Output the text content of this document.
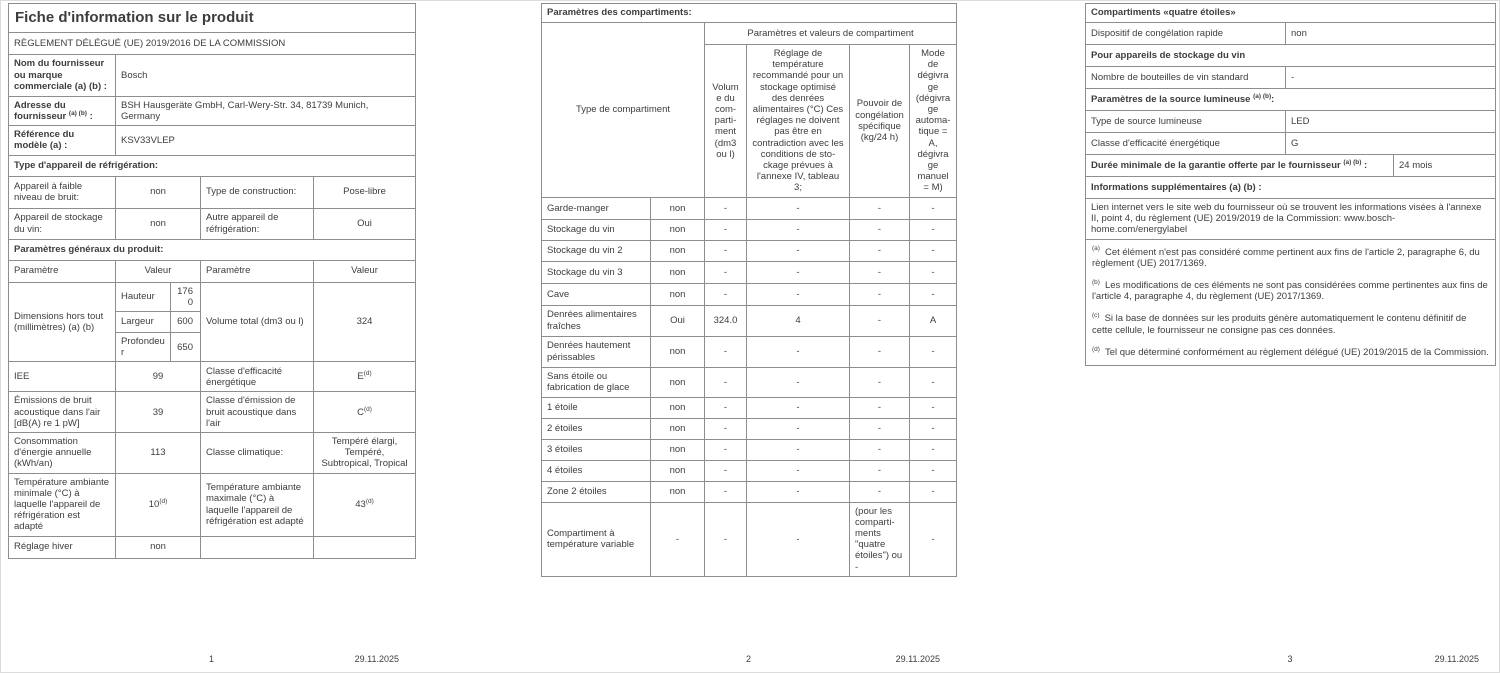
Fiche d'information sur le produit				
RÈGLEMENT DÉLÉGUÉ (UE) 2019/2016 DE LA COMMISSION				
Nom du fournisseur ou marque commerciale (a) (b) :	Bosch			
Adresse du fournisseur $^{(a) (b)}$ :	BSH Hausgeräte GmbH, Carl-Wery-Str. 34, 81739 Munich, Germany			
Référence du modèle (a) :	KSV33VLEP			
Type d'appareil de réfrigération:				
Appareil à faible niveau de bruit:	non		Type de construction:	Pose-libre
Appareil de stockage du vin:	non		Autre appareil de réfrigération:	Oui
Paramètres généraux du produit:				
Paramètre	Valeur		Paramètre	Valeur
Dimensions hors tout (millimètres) (a) (b)	Hauteur	1760	Volume total (dm3 ou l)	324
	Largeur	600		
	Profondeur	650		
IEE	99		Classe d'efficacité énergétique	$E^{(d)}$
Émissions de bruit acoustique dans l'air [dB(A) re 1 pW]	39		Classe d'émission de bruit acoustique dans l'air	$C^{(d)}$
Consommation d'énergie annuelle (kWh/an)	113		Classe climatique:	Tempéré élargi, Tempéré, Subtropical, Tropical
Température ambiante minimale (°C) à laquelle l'appareil de réfrigération est adapté	10$^{(d)}$		Température ambiante maximale (°C) à laquelle l'appareil de réfrigération est adapté	43$^{(d)}$
Réglage hiver	non			
Paramètres des compartiments:					
Type de compartiment		Paramètres et valeurs de compartiment			
		Volume du compartiment (dm3 ou l)	Réglage de température recommandé pour un stockage optimisé des denrées alimentaires (°C) Ces réglages ne doivent pas être en contradiction avec les conditions de stockage prévues à l'annexe IV, tableau 3;	Pouvoir de congélation spécifique (kg/24 h)	Mode de dégivrage (dégivrage automatique = A, dégivrage manuel = M)
Garde-manger	non	-	-	-	-
Stockage du vin	non	-	-	-	-
Stockage du vin 2	non	-	-	-	-
Stockage du vin 3	non	-	-	-	-
Cave	non	-	-	-	-
Denrées alimentaires fraîches	Oui	324.0	4	-	A
Denrées hautement périssables	non	-	-	-	-
Sans étoile ou fabrication de glace	non	-	-	-	-
1 étoile	non	-	-	-	-
2 étoiles	non	-	-	-	-
3 étoiles	non	-	-	-	-
4 étoiles	non	-	-	-	-
Zone 2 étoiles	non	-	-	-	-
Compartiment à température variable	-	-	-	(pour les compartiments "quatre étoiles") ou -	-
Compartiments «quatre étoiles»		
Dispositif de congélation rapide	non	
Pour appareils de stockage du vin		
Nombre de bouteilles de vin standard	-	
Paramètres de la source lumineuse $^{(a) (b)}$:		
Type de source lumineuse	LED	
Classe d'efficacité énergétique	G	
Durée minimale de la garantie offerte par le fournisseur $^{(a) (b)}$ :		24 mois
Informations supplémentaires (a) (b) :		
Lien internet vers le site web du fournisseur où se trouvent les informations visées à l'annexe II, point 4, du règlement (UE) 2019/2019 de la Commission: www.bosch-home.com/energylabel		

$^{(a)}$ Cet élément n'est pas considéré comme pertinent aux fins de l'article 2, paragraphe 6, du règlement (UE) 2017/1369.

$^{(b)}$ Les modifications de ces éléments ne sont pas considérées comme pertinentes aux fins de l'article 4, paragraphe 4, du règlement (UE) 2017/1369.

$^{(c)}$ Si la base de données sur les produits génère automatiquement le contenu définitif de cette cellule, le fournisseur ne consigne pas ces données.

$^{(d)}$ Tel que déterminé conformément au règlement délégué (UE) 2019/2015 de la Commission.		

1	29.11.2025	2	29.11.2025	3	29.11.2025
